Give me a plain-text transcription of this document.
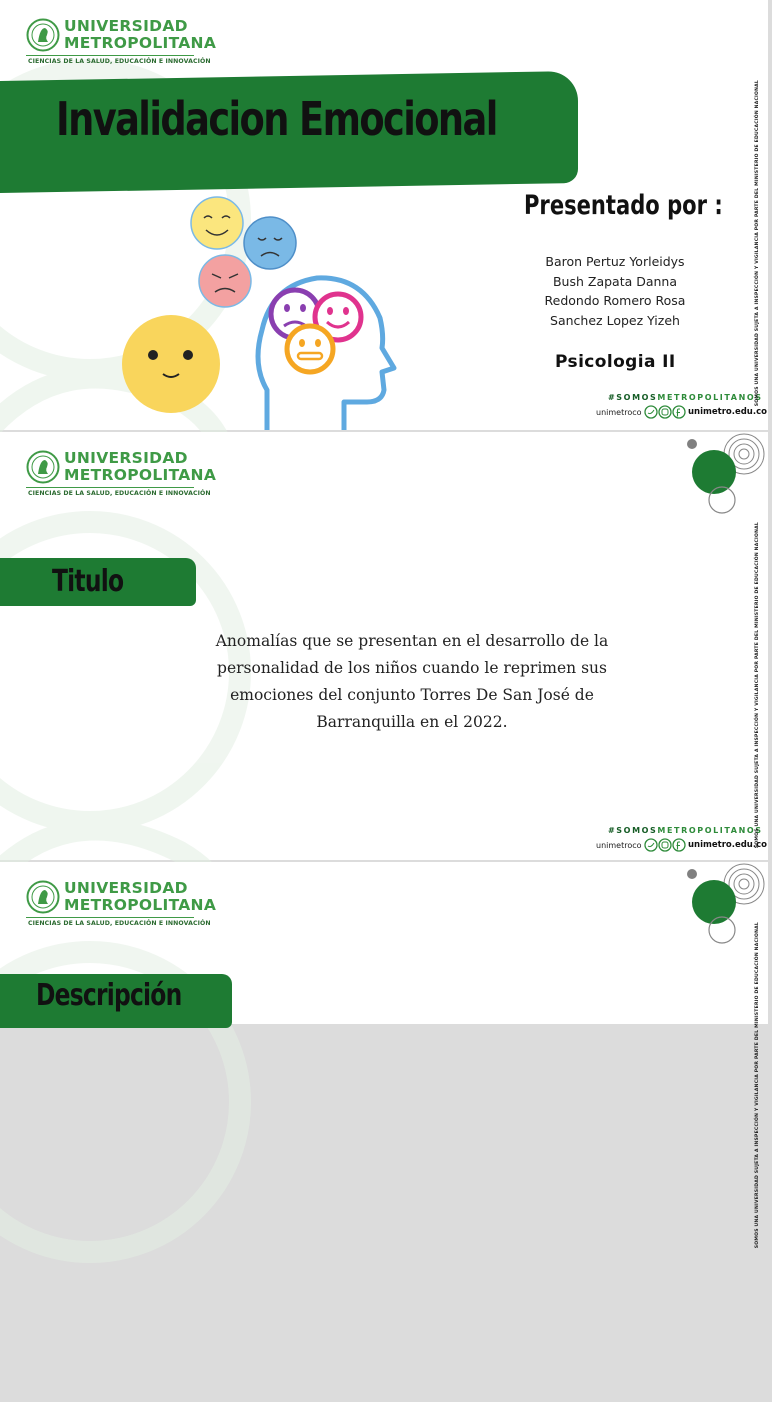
UNIVERSIDAD
METROPOLITANA
CIENCIAS DE LA SALUD, EDUCACIÓN E INNOVACIÓN
Invalidacion Emocional
Presentado por :
Baron Pertuz Yorleidys
Bush Zapata Danna
Redondo Romero Rosa
Sanchez Lopez Yizeh
Psicologia II
#SOMOSMETROPOLITANOS
unimetroco	unimetro.edu.co
SOMOS UNA UNIVERSIDAD SUJETA A INSPECCIÓN Y VIGILANCIA POR PARTE DEL MINISTERIO DE EDUCACIÓN NACIONAL
UNIVERSIDAD
METROPOLITANA
CIENCIAS DE LA SALUD, EDUCACIÓN E INNOVACIÓN
Titulo

Anomalías que se presentan en el desarrollo de la personalidad de los niños cuando le reprimen sus emociones del conjunto Torres De San José de Barranquilla en el 2022.

#SOMOSMETROPOLITANOS
unimetroco	unimetro.edu.co
SOMOS UNA UNIVERSIDAD SUJETA A INSPECCIÓN Y VIGILANCIA POR PARTE DEL MINISTERIO DE EDUCACIÓN NACIONAL
UNIVERSIDAD
METROPOLITANA
CIENCIAS DE LA SALUD, EDUCACIÓN E INNOVACIÓN
Descripción	SOMOS UNA UNIVERSIDAD SUJETA A INSPECCIÓN Y VIGILANCIA POR PARTE DEL MINISTERIO DE EDUCACIÓN NACIONAL
